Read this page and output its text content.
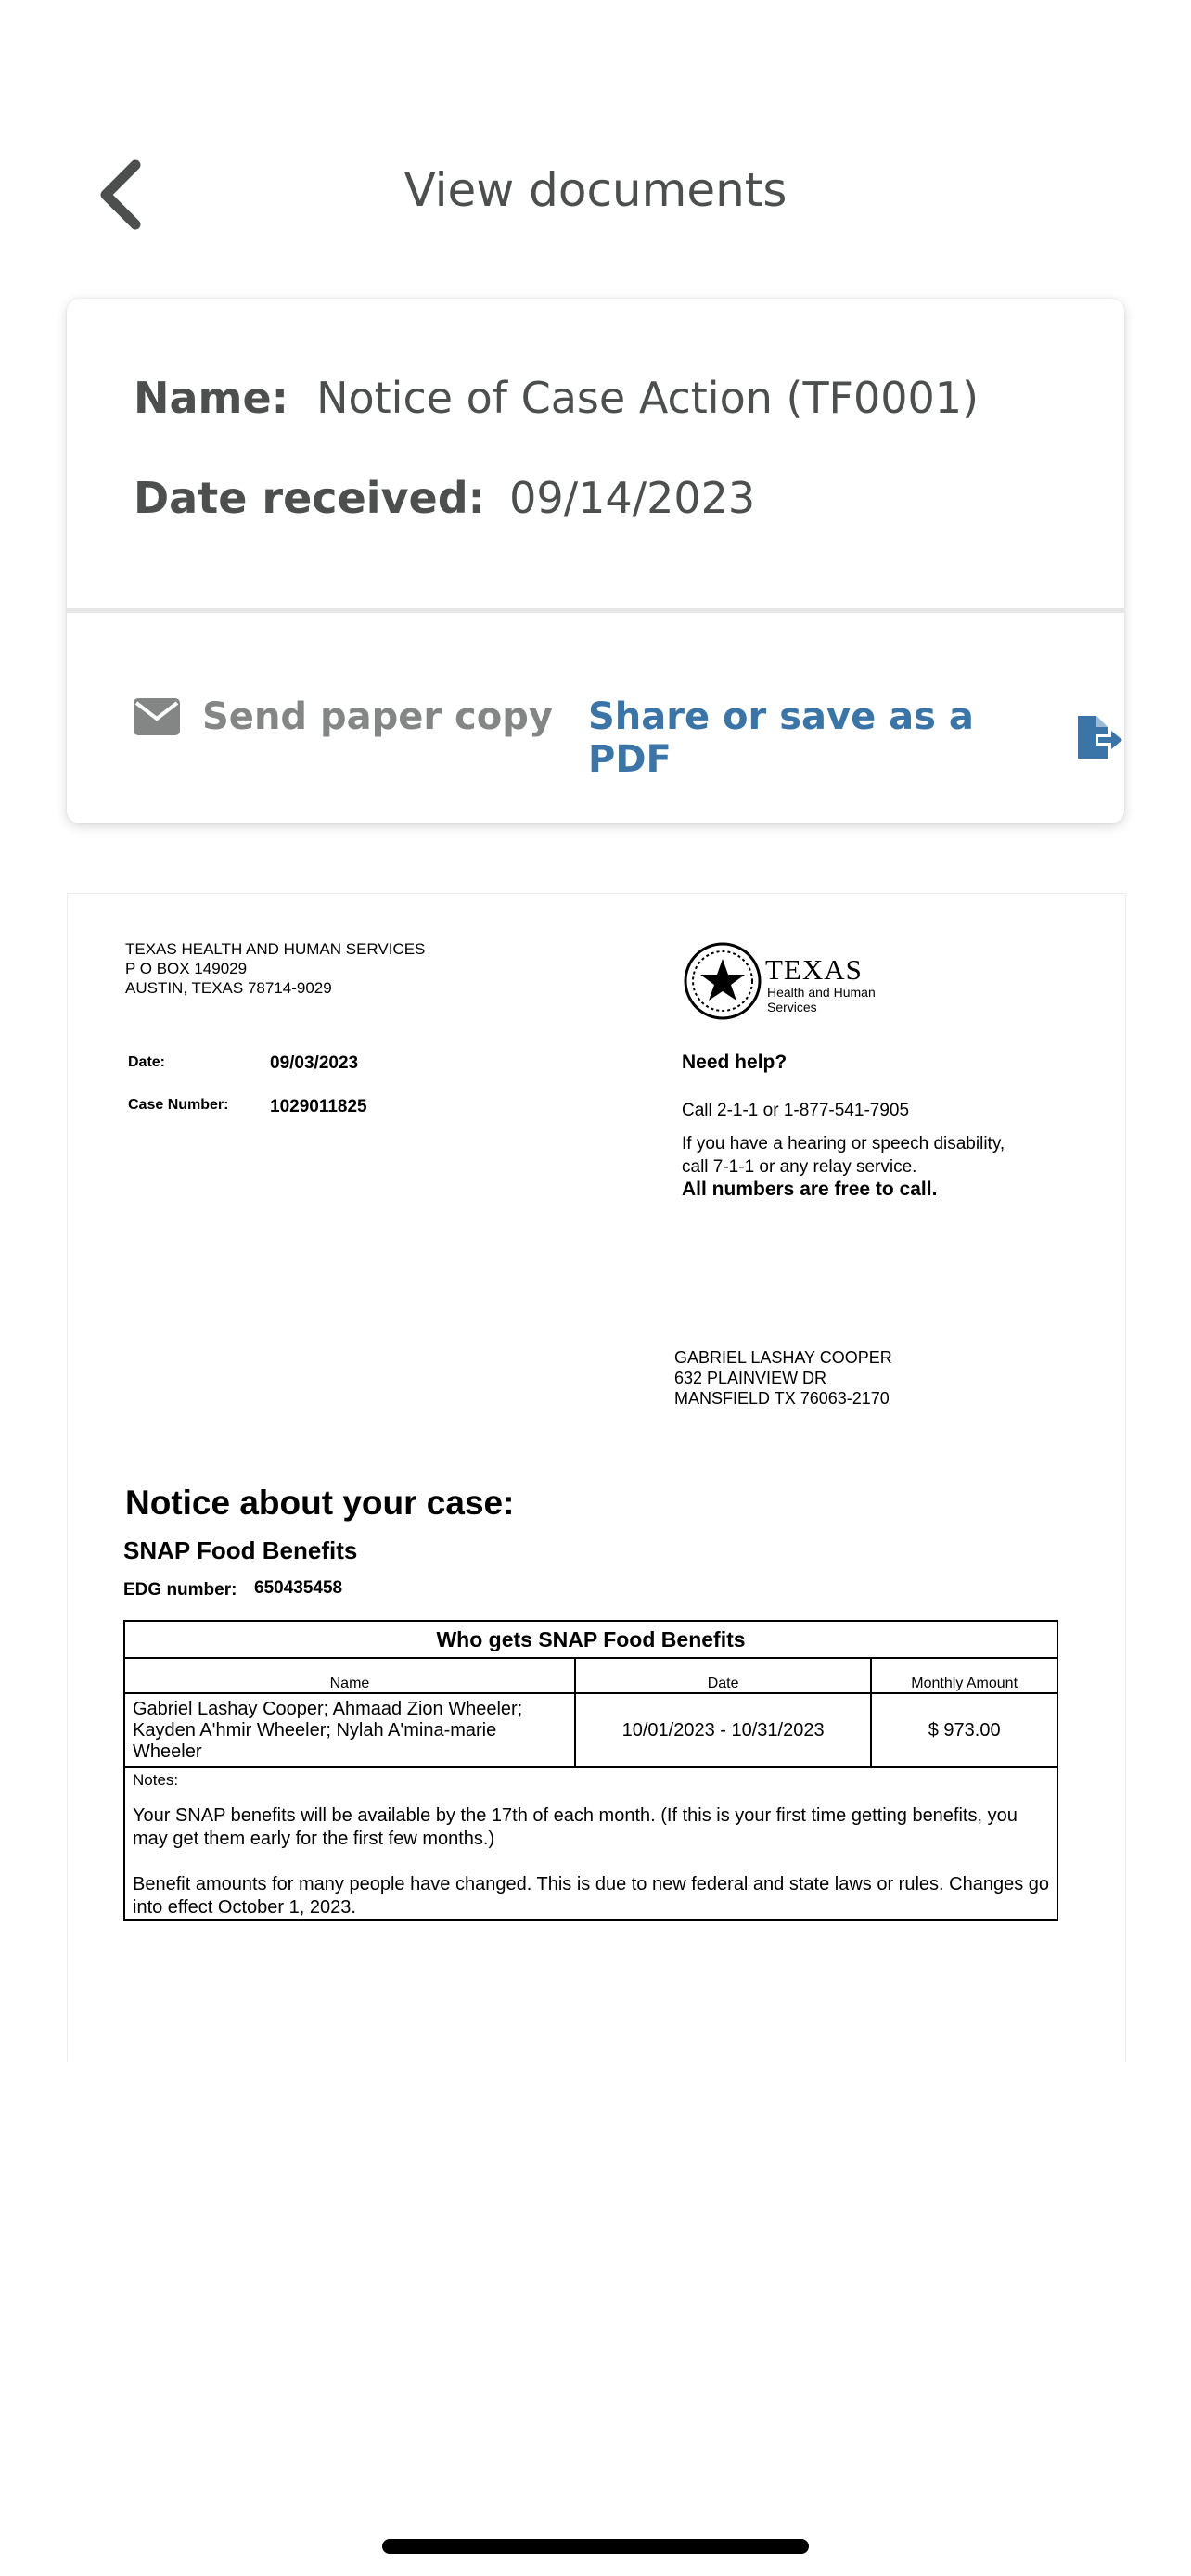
View documents
Name: Notice of Case Action (TF0001)
Date received: 09/14/2023
Send paper copy Share or save as a PDF
TEXAS HEALTH AND HUMAN SERVICES
P O BOX 149029
AUSTIN, TEXAS 78714-9029
TEXAS
Health and Human
Services
Date:	09/03/2023
Case Number: 1029011825
Need help?
Call 2-1-1 or 1-877-541-7905
If you have a hearing or speech disability,
call 7-1-1 or any relay service.
All numbers are free to call.
GABRIEL LASHAY COOPER
632 PLAINVIEW DR
MANSFIELD TX 76063-2170
Notice about your case:
SNAP Food Benefits
EDG number: 650435458
Who gets SNAP Food Benefits		
Name	Date	Monthly Amount
Gabriel Lashay Cooper; Ahmaad Zion Wheeler; Kayden A'hmir Wheeler; Nylah A'mina-marie Wheeler	10/01/2023 - 10/31/2023	$ 973.00

Notes:
Your SNAP benefits will be available by the 17th of each month. (If this is your first time getting benefits, you may get them early for the first few months.)
Benefit amounts for many people have changed. This is due to new federal and state laws or rules. Changes go into effect October 1, 2023.		
